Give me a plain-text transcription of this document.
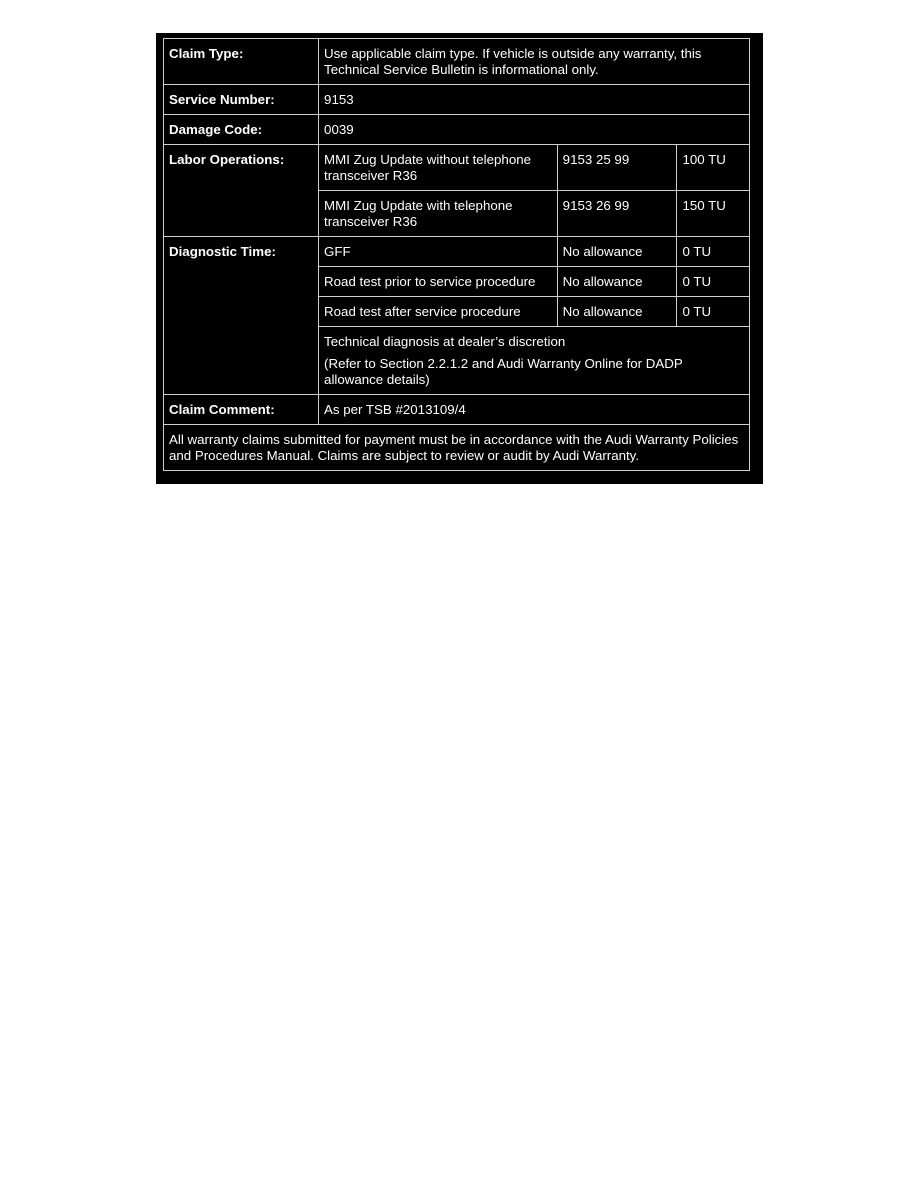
Claim Type:	Use applicable claim type. If vehicle is outside any warranty, this Technical Service Bulletin is informational only.		
Service Number:	9153		
Damage Code:	0039		
Labor Operations:	MMI Zug Update without telephone transceiver R36	9153 25 99	100 TU
	MMI Zug Update with telephone transceiver R36	9153 26 99	150 TU
Diagnostic Time:	GFF	No allowance	0 TU
	Road test prior to service procedure	No allowance	0 TU
	Road test after service procedure	No allowance	0 TU

	Technical diagnosis at dealer’s discretion
(Refer to Section 2.2.1.2 and Audi Warranty Online for DADP allowance details)		

Claim Comment:	As per TSB #2013109/4		
All warranty claims submitted for payment must be in accordance with the Audi Warranty Policies and Procedures Manual. Claims are subject to review or audit by Audi Warranty.			
